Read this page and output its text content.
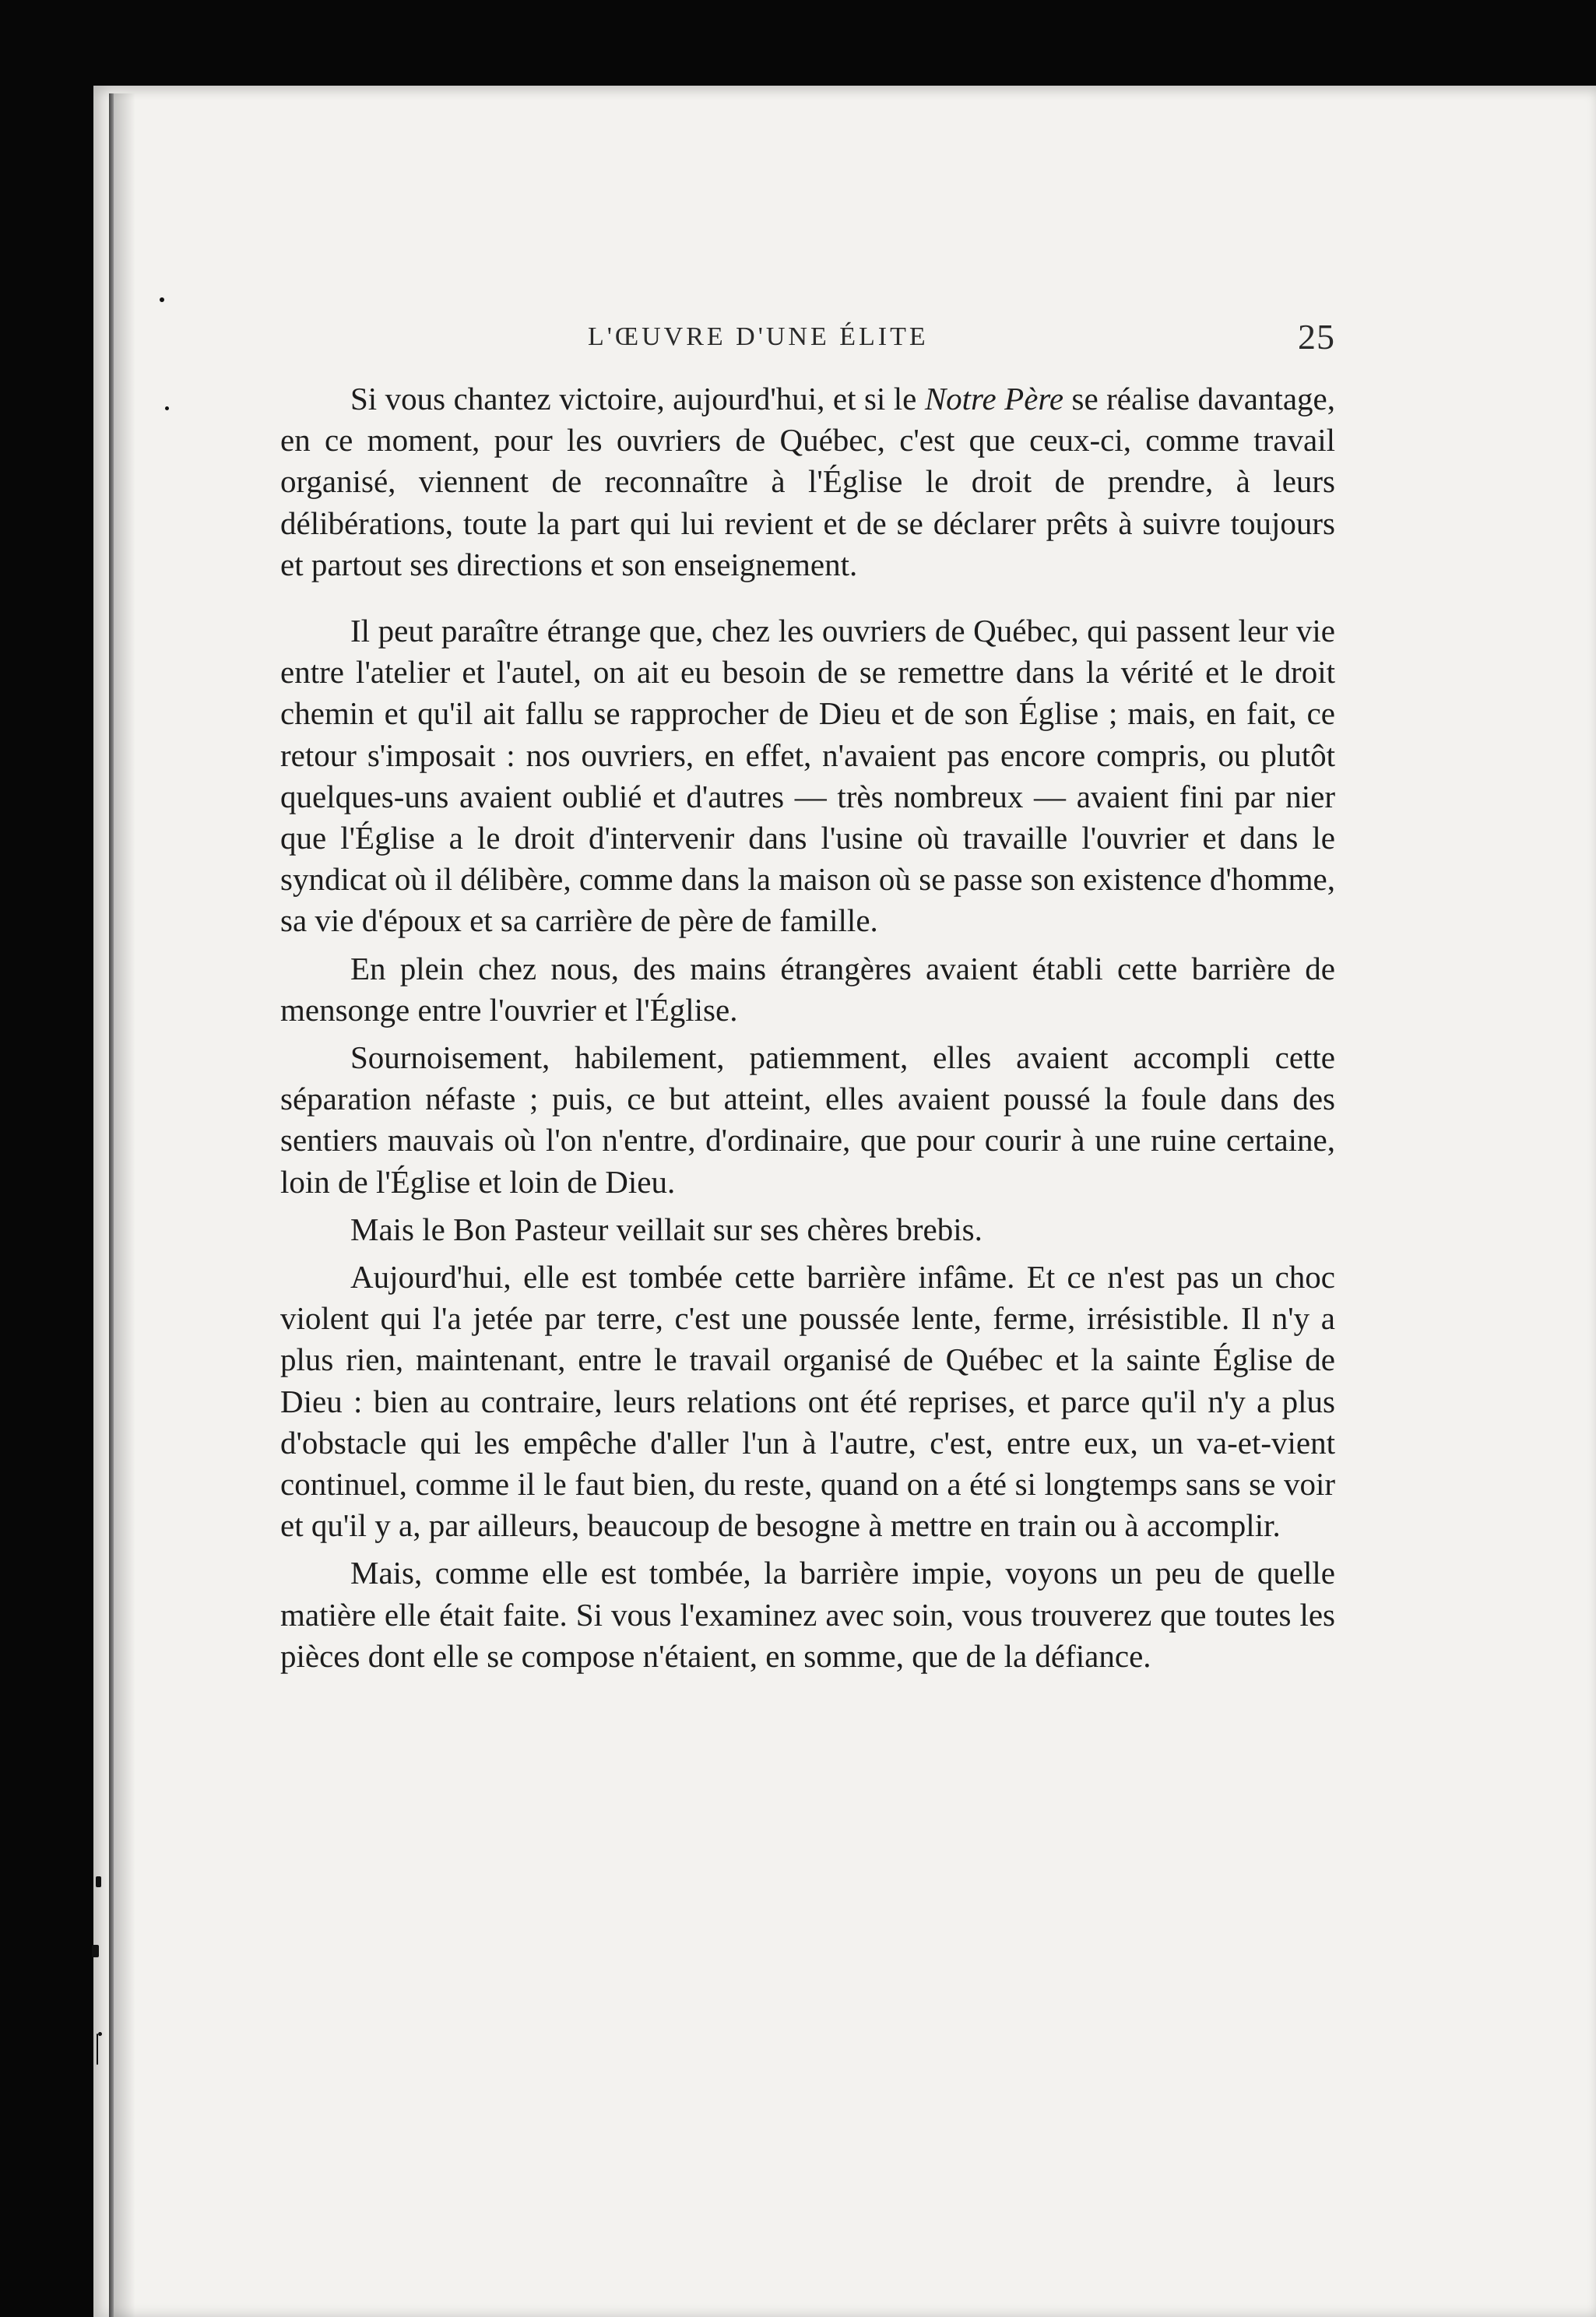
L'ŒUVRE D'UNE ÉLITE	25

Si vous chantez victoire, aujourd'hui, et si le Notre Père se réalise davantage, en ce moment, pour les ouvriers de Québec, c'est que ceux-ci, comme travail organisé, viennent de reconnaître à l'Église le droit de prendre, à leurs délibérations, toute la part qui lui revient et de se déclarer prêts à suivre toujours et partout ses directions et son enseignement.

Il peut paraître étrange que, chez les ouvriers de Québec, qui passent leur vie entre l'atelier et l'autel, on ait eu besoin de se remettre dans la vérité et le droit chemin et qu'il ait fallu se rapprocher de Dieu et de son Église ; mais, en fait, ce retour s'imposait : nos ouvriers, en effet, n'avaient pas encore compris, ou plutôt quelques-uns avaient oublié et d'autres — très nombreux — avaient fini par nier que l'Église a le droit d'intervenir dans l'usine où travaille l'ouvrier et dans le syndicat où il délibère, comme dans la maison où se passe son existence d'homme, sa vie d'époux et sa carrière de père de famille.

En plein chez nous, des mains étrangères avaient établi cette barrière de mensonge entre l'ouvrier et l'Église.

Sournoisement, habilement, patiemment, elles avaient accompli cette séparation néfaste ; puis, ce but atteint, elles avaient poussé la foule dans des sentiers mauvais où l'on n'entre, d'ordinaire, que pour courir à une ruine certaine, loin de l'Église et loin de Dieu.

Mais le Bon Pasteur veillait sur ses chères brebis.

Aujourd'hui, elle est tombée cette barrière infâme. Et ce n'est pas un choc violent qui l'a jetée par terre, c'est une poussée lente, ferme, irrésistible. Il n'y a plus rien, maintenant, entre le travail organisé de Québec et la sainte Église de Dieu : bien au contraire, leurs relations ont été reprises, et parce qu'il n'y a plus d'obstacle qui les empêche d'aller l'un à l'autre, c'est, entre eux, un va-et-vient continuel, comme il le faut bien, du reste, quand on a été si longtemps sans se voir et qu'il y a, par ailleurs, beaucoup de besogne à mettre en train ou à accomplir.

Mais, comme elle est tombée, la barrière impie, voyons un peu de quelle matière elle était faite. Si vous l'examinez avec soin, vous trouverez que toutes les pièces dont elle se compose n'étaient, en somme, que de la défiance.
